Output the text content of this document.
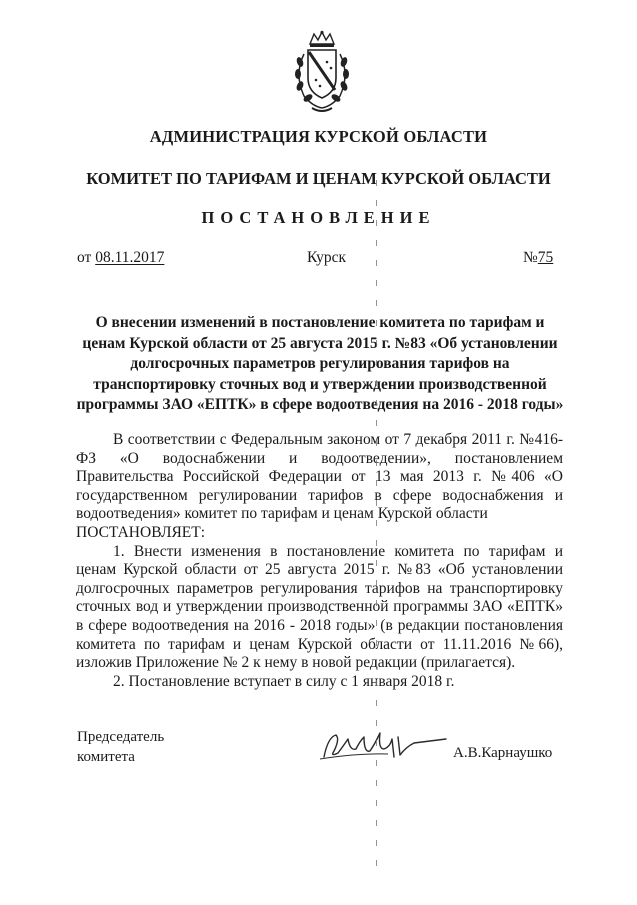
АДМИНИСТРАЦИЯ КУРСКОЙ ОБЛАСТИ
КОМИТЕТ ПО ТАРИФАМ И ЦЕНАМ КУРСКОЙ ОБЛАСТИ
ПОСТАНОВЛЕНИЕ
от 08.11.2017	Курск	№75
О внесении изменений в постановление комитета по тарифам и ценам Курской области от 25 августа 2015 г. №83 «Об установлении долгосрочных параметров регулирования тарифов на транспортировку сточных вод и утверждении производственной программы ЗАО «ЕПТК» в сфере водоотведения на 2016 - 2018 годы»

В соответствии с Федеральным законом от 7 декабря 2011 г. №416-ФЗ «О водоснабжении и водоотведении», постановлением Правительства Российской Федерации от 13 мая 2013 г. №406 «О государственном регулировании тарифов в сфере водоснабжения и водоотведения» комитет по тарифам и ценам Курской области

ПОСТАНОВЛЯЕТ:

1. Внести изменения в постановление комитета по тарифам и ценам Курской области от 25 августа 2015 г. №83 «Об установлении долгосрочных параметров регулирования тарифов на транспортировку сточных вод и утверждении производственной программы ЗАО «ЕПТК» в сфере водоотведения на 2016 - 2018 годы» (в редакции постановления комитета по тарифам и ценам Курской области от 11.11.2016 №66), изложив Приложение № 2 к нему в новой редакции (прилагается).

2. Постановление вступает в силу с 1 января 2018 г.

Председатель
комитета	А.В.Карнаушко
